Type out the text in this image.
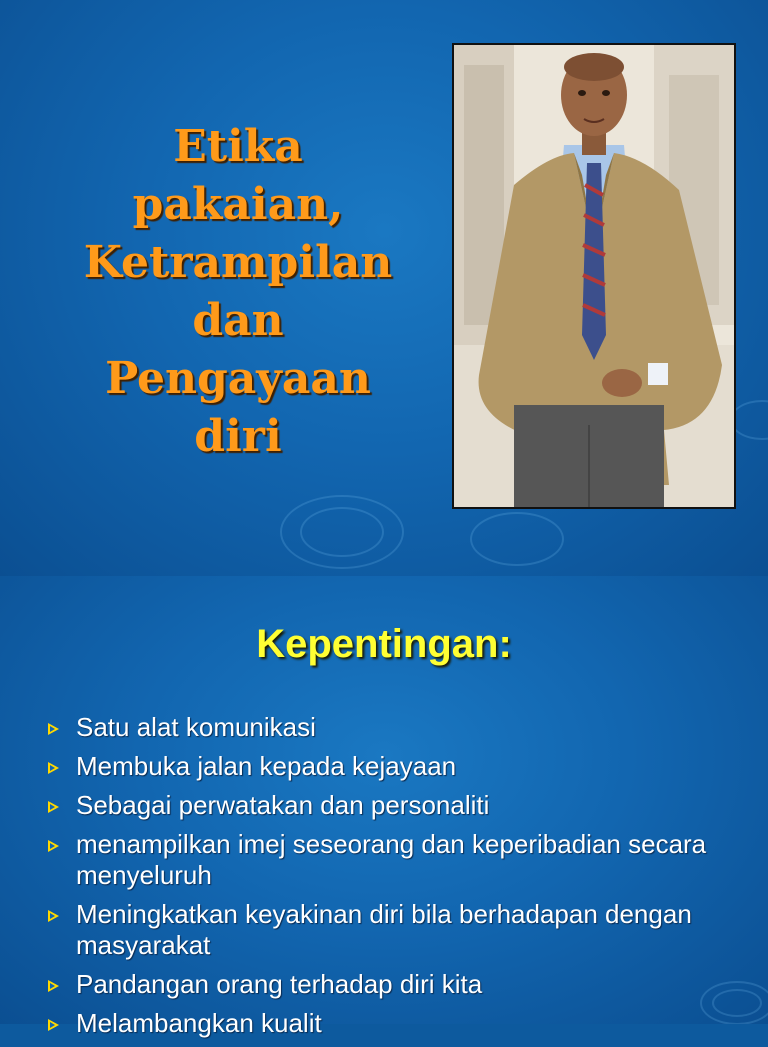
Etika
pakaian,
Ketrampilan
dan
Pengayaan
diri
Kepentingan:
Satu alat komunikasi
Membuka jalan kepada kejayaan
Sebagai perwatakan dan personaliti
menampilkan imej seseorang dan keperibadian secara menyeluruh
Meningkatkan keyakinan diri bila berhadapan dengan masyarakat
Pandangan orang terhadap diri kita
Melambangkan kualit
